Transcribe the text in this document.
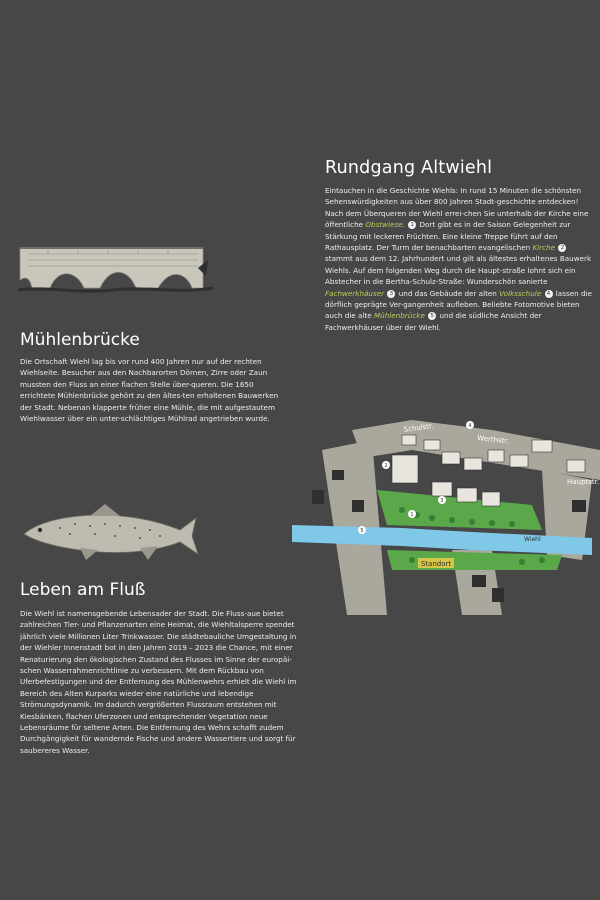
Rundgang Altwiehl
Eintauchen in die Geschichte Wiehls: In rund 15 Minuten die schönsten Sehenswürdigkeiten aus über 800 Jahren Stadt-geschichte entdecken! Nach dem Überqueren der Wiehl errei-chen Sie unterhalb der Kirche eine öffentliche Obstwiese. 1 Dort gibt es in der Saison Gelegenheit zur Stärkung mit leckeren Früchten. Eine kleine Treppe führt auf den Rathausplatz. Der Turm der benachbarten evangelischen Kirche 2 stammt aus dem 12. Jahrhundert und gilt als ältestes erhaltenes Bauwerk Wiehls. Auf dem folgenden Weg durch die Haupt-straße lohnt sich ein Abstecher in die Bertha-Schulz-Straße: Wunderschön sanierte Fachwerkhäuser 3 und das Gebäude der alten Volksschule 4 lassen die dörflich geprägte Ver-gangenheit aufleben. Beliebte Fotomotive bieten auch die alte Mühlenbrücke 5 und die südliche Ansicht der Fachwerkhäuser über der Wiehl.
Mühlenbrücke
Die Ortschaft Wiehl lag bis vor rund 400 Jahren nur auf der rechten Wiehlseite. Besucher aus den Nachbarorten Dörnen, Zirre oder Zaun mussten den Fluss an einer flachen Stelle über-queren. Die 1650 errichtete Mühlenbrücke gehört zu den ältes-ten erhaltenen Bauwerken der Stadt. Nebenan klapperte früher eine Mühle, die mit aufgestautem Wiehlwasser über ein unter-schlächtiges Mühlrad angetrieben wurde.
Leben am Fluß
Die Wiehl ist namensgebende Lebensader der Stadt. Die Fluss-aue bietet zahlreichen Tier- und Pflanzenarten eine Heimat, die Wiehltalsperre spendet jährlich viele Millionen Liter Trinkwasser. Die städtebauliche Umgestaltung in der Wiehler Innenstadt bot in den Jahren 2019 – 2023 die Chance, mit einer Renaturierung den ökologischen Zustand des Flusses im Sinne der europäi-schen Wasserrahmenrichtlinie zu verbessern. Mit dem Rückbau von Uferbefestigungen und der Entfernung des Mühlenwehrs erhielt die Wiehl im Bereich des Alten Kurparks wieder eine natürliche und lebendige Strömungsdynamik. Im dadurch vergrößerten Flussraum entstehen mit Kiesbänken, flachen Uferzonen und entsprechender Vegetation neue Lebensräume für seltene Arten. Die Entfernung des Wehrs schafft zudem Durchgängigkeit für wandernde Fische und andere Wassertiere und sorgt für saubereres Wasser.
Schulstr.
Werthstr.
Hauptstr.
Wiehl
1
2
3
4
5
Standort
